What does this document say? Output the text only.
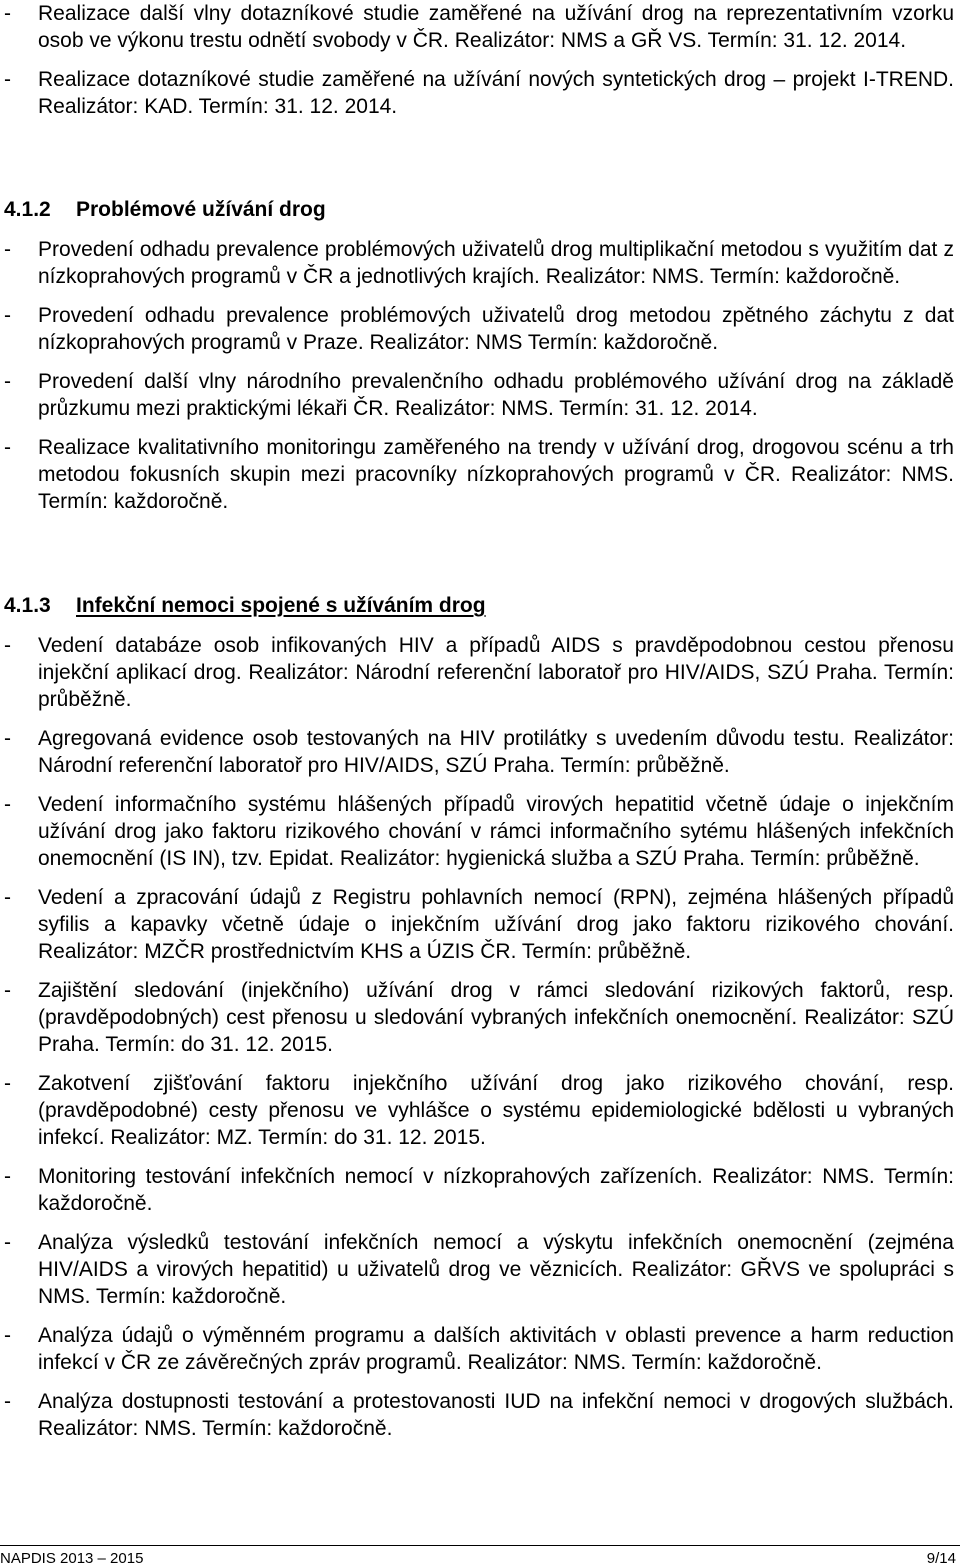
- Realizace další vlny dotazníkové studie zaměřené na užívání drog na reprezentativním vzorku osob ve výkonu trestu odnětí svobody v ČR. Realizátor: NMS a GŘ VS. Termín: 31. 12. 2014.
- Realizace dotazníkové studie zaměřené na užívání nových syntetických drog – projekt I-TREND. Realizátor: KAD. Termín: 31. 12. 2014.
4.1.2 Problémové užívání drog
- Provedení odhadu prevalence problémových uživatelů drog multiplikační metodou s využitím dat z nízkoprahových programů v ČR a jednotlivých krajích. Realizátor: NMS. Termín: každoročně.
- Provedení odhadu prevalence problémových uživatelů drog metodou zpětného záchytu z dat nízkoprahových programů v Praze. Realizátor: NMS Termín: každoročně.
- Provedení další vlny národního prevalenčního odhadu problémového užívání drog na základě průzkumu mezi praktickými lékaři ČR. Realizátor: NMS. Termín: 31. 12. 2014.
- Realizace kvalitativního monitoringu zaměřeného na trendy v užívání drog, drogovou scénu a trh metodou fokusních skupin mezi pracovníky nízkoprahových programů v ČR. Realizátor: NMS. Termín: každoročně.
4.1.3 Infekční nemoci spojené s užíváním drog
- Vedení databáze osob infikovaných HIV a případů AIDS s pravděpodobnou cestou přenosu injekční aplikací drog. Realizátor: Národní referenční laboratoř pro HIV/AIDS, SZÚ Praha. Termín: průběžně.
- Agregovaná evidence osob testovaných na HIV protilátky s uvedením důvodu testu. Realizátor: Národní referenční laboratoř pro HIV/AIDS, SZÚ Praha. Termín: průběžně.
- Vedení informačního systému hlášených případů virových hepatitid včetně údaje o injekčním užívání drog jako faktoru rizikového chování v rámci informačního sytému hlášených infekčních onemocnění (IS IN), tzv. Epidat. Realizátor: hygienická služba a SZÚ Praha. Termín: průběžně.
- Vedení a zpracování údajů z Registru pohlavních nemocí (RPN), zejména hlášených případů syfilis a kapavky včetně údaje o injekčním užívání drog jako faktoru rizikového chování. Realizátor: MZČR prostřednictvím KHS a ÚZIS ČR. Termín: průběžně.
- Zajištění sledování (injekčního) užívání drog v rámci sledování rizikových faktorů, resp. (pravděpodobných) cest přenosu u sledování vybraných infekčních onemocnění. Realizátor: SZÚ Praha. Termín: do 31. 12. 2015.
- Zakotvení zjišťování faktoru injekčního užívání drog jako rizikového chování, resp. (pravděpodobné) cesty přenosu ve vyhlášce o systému epidemiologické bdělosti u vybraných infekcí. Realizátor: MZ. Termín: do 31. 12. 2015.
- Monitoring testování infekčních nemocí v nízkoprahových zařízeních. Realizátor: NMS. Termín: každoročně.
- Analýza výsledků testování infekčních nemocí a výskytu infekčních onemocnění (zejména HIV/AIDS a virových hepatitid) u uživatelů drog ve věznicích. Realizátor: GŘVS ve spolupráci s NMS. Termín: každoročně.
- Analýza údajů o výměnném programu a dalších aktivitách v oblasti prevence a harm reduction infekcí v ČR ze závěrečných zpráv programů. Realizátor: NMS. Termín: každoročně.
- Analýza dostupnosti testování a protestovanosti IUD na infekční nemoci v drogových službách. Realizátor: NMS. Termín: každoročně.
NAPDIS 2013 – 2015	9/14
